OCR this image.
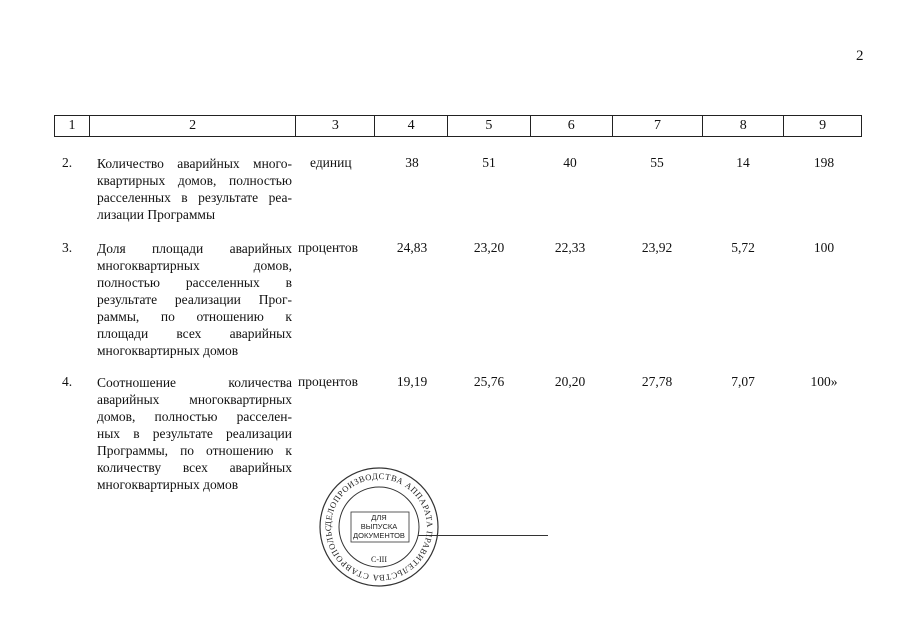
2
1	2	3	4	5	6	7	8	9
2. Количество аварийных много-
квартирных домов, полностью
расселенных в результате реа-
лизации Программы
единиц	38	51	40	55	14	198
3. Доля площади аварийных
многоквартирных домов,
полностью расселенных в
результате реализации Прог-
раммы, по отношению к
площади всех аварийных
многоквартирных домов
процентов	24,83	23,20	22,33	23,92	5,72	100
4. Соотношение количества
аварийных многоквартирных
домов, полностью расселен-
ных в результате реализации
Программы, по отношению к
количеству всех аварийных
многоквартирных домов
процентов	19,19	25,76	20,20	27,78	7,07	100»
ДЕЛОПРОИЗВОДСТВА АППАРАТА ПРАВИТЕЛЬСТВА СТАВРОПОЛЬС
ДЛЯ
ВЫПУСКА
ДОКУМЕНТОВ
С-III
